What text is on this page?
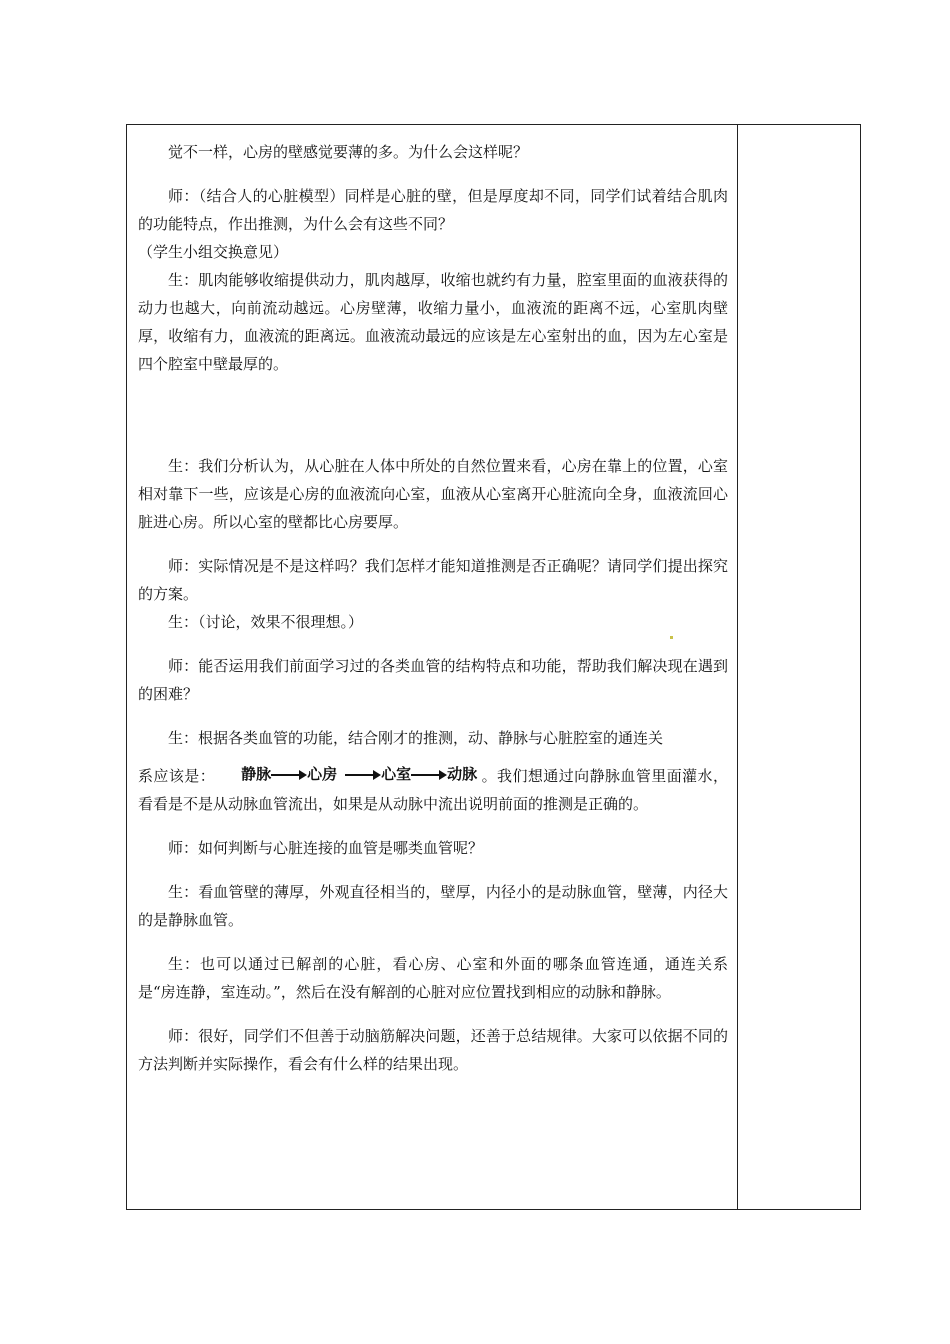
觉不一样，心房的壁感觉要薄的多。为什么会这样呢？

师：（结合人的心脏模型）同样是心脏的壁，但是厚度却不同，同学们试着结合肌肉的功能特点，作出推测，为什么会有这些不同？

（学生小组交换意见）

生：肌肉能够收缩提供动力，肌肉越厚，收缩也就约有力量，腔室里面的血液获得的动力也越大，向前流动越远。心房壁薄，收缩力量小，血液流的距离不远，心室肌肉壁厚，收缩有力，血液流的距离远。血液流动最远的应该是左心室射出的血，因为左心室是四个腔室中壁最厚的。

生：我们分析认为，从心脏在人体中所处的自然位置来看，心房在靠上的位置，心室相对靠下一些，应该是心房的血液流向心室，血液从心室离开心脏流向全身，血液流回心脏进心房。所以心室的壁都比心房要厚。

师：实际情况是不是这样吗？我们怎样才能知道推测是否正确呢？请同学们提出探究的方案。

生：（讨论，效果不很理想。）

师：能否运用我们前面学习过的各类血管的结构特点和功能，帮助我们解决现在遇到的困难？

生：根据各类血管的功能，结合刚才的推测，动、静脉与心脏腔室的通连关

系应该是： 静脉 心房	心室 动脉 。我们想通过向静脉血管里面灌水，看看是不是从动脉血管流出，如果是从动脉中流出说明前面的推测是正确的。

师：如何判断与心脏连接的血管是哪类血管呢？

生：看血管壁的薄厚，外观直径相当的，壁厚，内径小的是动脉血管，壁薄，内径大的是静脉血管。

生：也可以通过已解剖的心脏，看心房、心室和外面的哪条血管连通，通连关系是“房连静，室连动。”，然后在没有解剖的心脏对应位置找到相应的动脉和静脉。

师：很好，同学们不但善于动脑筋解决问题，还善于总结规律。大家可以依据不同的方法判断并实际操作，看会有什么样的结果出现。
